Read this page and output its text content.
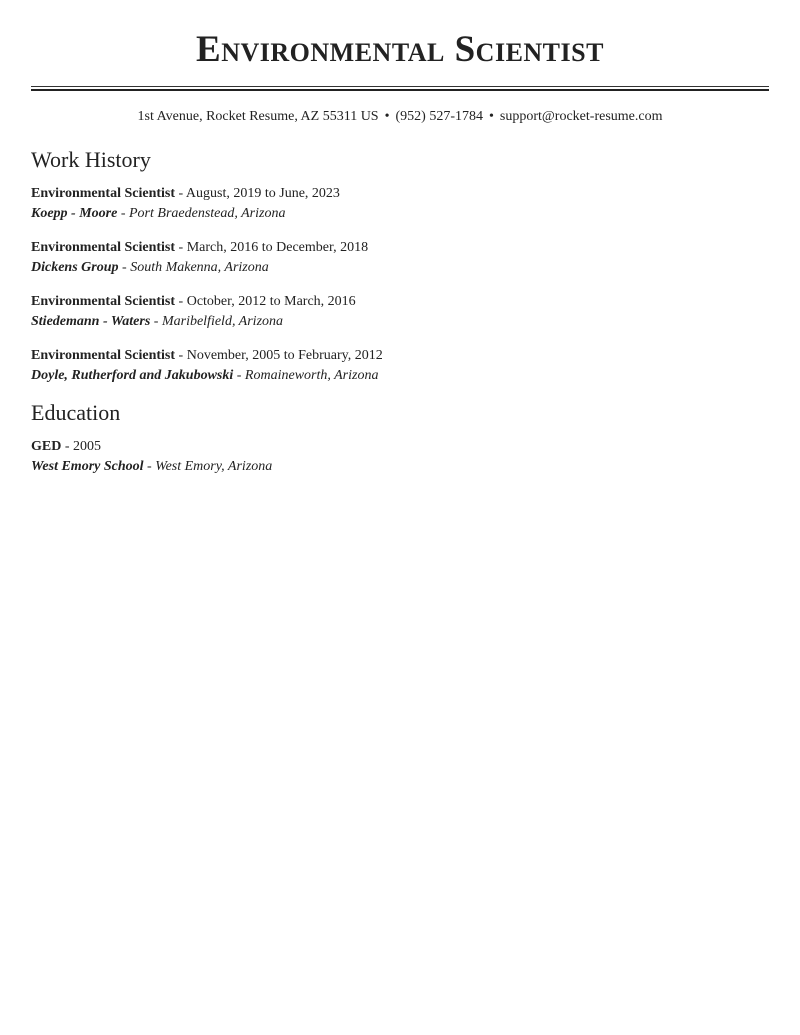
Environmental Scientist
1st Avenue, Rocket Resume, AZ 55311 US • (952) 527-1784 • support@rocket-resume.com
Work History
Environmental Scientist - August, 2019 to June, 2023
Koepp - Moore - Port Braedenstead, Arizona
Environmental Scientist - March, 2016 to December, 2018
Dickens Group - South Makenna, Arizona
Environmental Scientist - October, 2012 to March, 2016
Stiedemann - Waters - Maribelfield, Arizona
Environmental Scientist - November, 2005 to February, 2012
Doyle, Rutherford and Jakubowski - Romaineworth, Arizona
Education
GED - 2005
West Emory School - West Emory, Arizona
